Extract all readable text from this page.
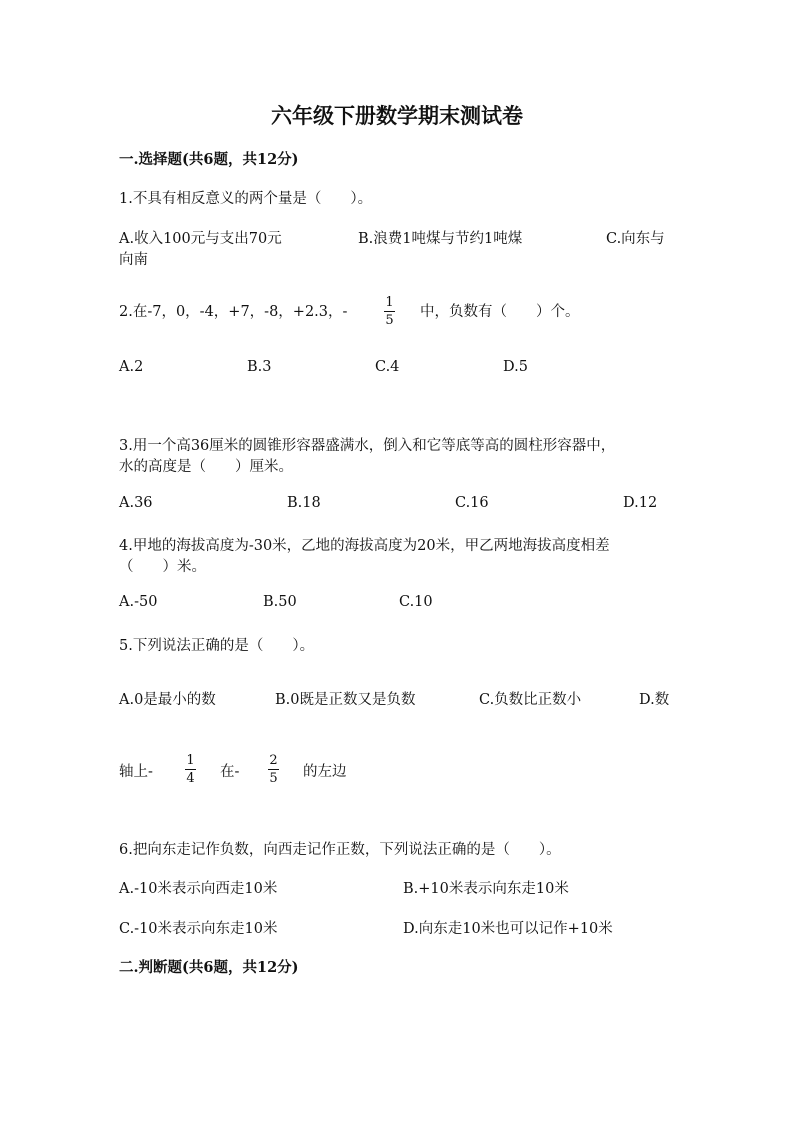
六年级下册数学期末测试卷
一.选择题(共6题，共12分)
1.不具有相反意义的两个量是（　　）。
A.收入100元与支出70元	B.浪费1吨煤与节约1吨煤	C.向东与
向南
2.在-7，0，-4，+7，-8，+2.3，-
1
5
中，负数有（　　）个。
A.2	B.3	C.4	D.5
3.用一个高36厘米的圆锥形容器盛满水，倒入和它等底等高的圆柱形容器中，
水的高度是（　　）厘米。
A.36	B.18	C.16	D.12
4.甲地的海拔高度为-30米，乙地的海拔高度为20米，甲乙两地海拔高度相差
（　　）米。
A.-50	B.50	C.10
5.下列说法正确的是（　　）。
A.0是最小的数	B.0既是正数又是负数	C.负数比正数小	D.数
轴上-
1
4 在-
2
5 的左边
6.把向东走记作负数，向西走记作正数，下列说法正确的是（　　）。
A.-10米表示向西走10米	B.+10米表示向东走10米
C.-10米表示向东走10米	D.向东走10米也可以记作+10米
二.判断题(共6题，共12分)
